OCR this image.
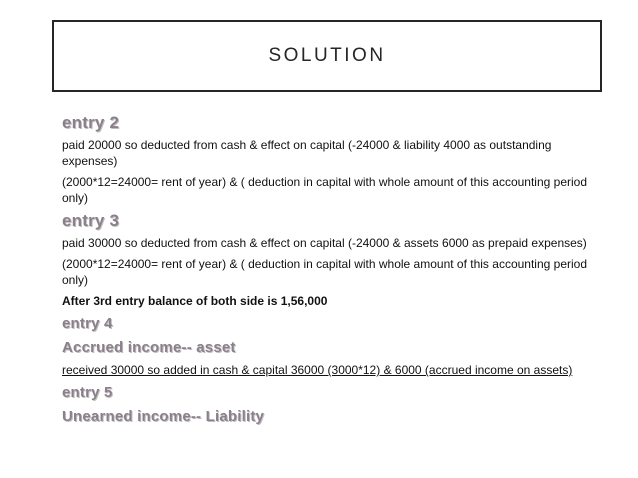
SOLUTION
entry 2

paid 20000 so deducted from cash & effect on capital (-24000 & liability 4000 as outstanding expenses)

(2000*12=24000= rent of year) & ( deduction in capital with whole amount of this accounting period only)

entry 3

paid 30000 so deducted from cash & effect on capital (-24000 & assets 6000 as prepaid expenses)

(2000*12=24000= rent of year) & ( deduction in capital with whole amount of this accounting period only)

After 3rd entry balance of both side is 1,56,000

entry 4
Accrued income-- asset

received 30000 so added in cash & capital 36000 (3000*12) & 6000 (accrued income on assets)

entry 5
Unearned income-- Liability
